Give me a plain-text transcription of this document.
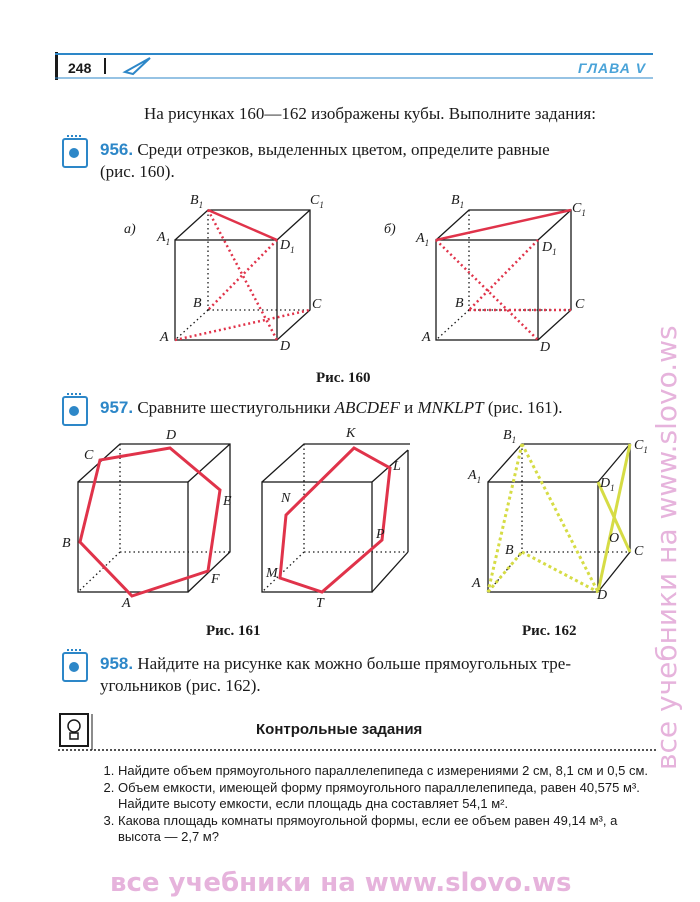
248	ГЛАВА V
На рисунках 160—162 изображены кубы. Выполните задания:
956. Среди отрезков, выделенных цветом, определите равные
(рис. 160).
а)	б)
$B_1$	$C_1$
$A_1$	$D_1$
B	C
A
D
$B_1$	$C_1$
$A_1$	$D_1$
B	C
A
D
Рис. 160
957. Сравните шестиугольники ABCDEF и MNKLPT (рис. 161).
A
B
C
D
E
F	M
N
K
L
P
T
Рис. 161
$B_1$	$C_1$
$A_1$	$D_1$
B
O
C
A
D
Рис. 162
958. Найдите на рисунке как можно больше прямоугольных тре-
угольников (рис. 162).
Контрольные задания
1. Найдите объем прямоугольного параллелепипеда с измерениями 2 см, 8,1 см и 0,5 см.
2. Объем емкости, имеющей форму прямоугольного параллелепипеда, равен 40,575 м³. Найдите высоту емкости, если площадь дна составляет 54,1 м².
3. Какова площадь комнаты прямоугольной формы, если ее объем равен 49,14 м³, а высота — 2,7 м?
все учебники на www.slovo.ws
все учебники на www.slovo.ws
